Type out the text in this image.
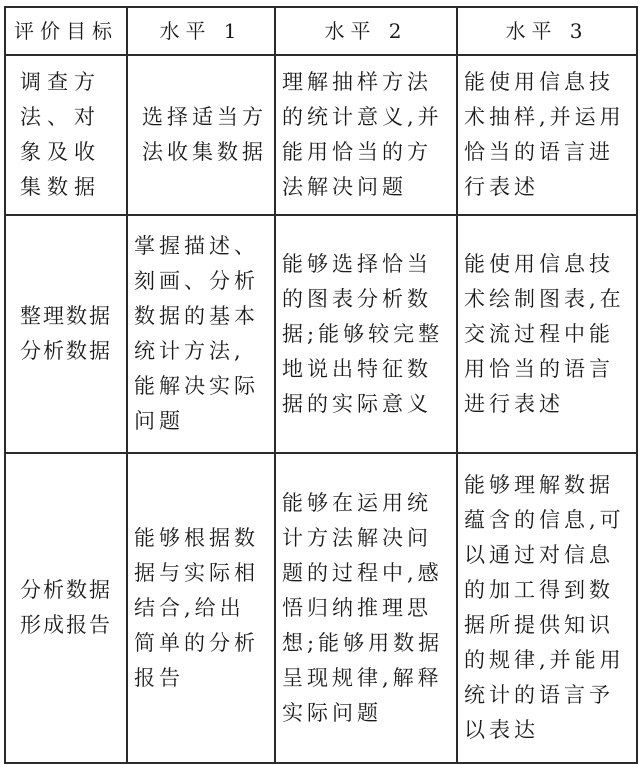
评价目标	水平 1	水平 2	水平 3
调查方法、对象及收集数据	选择适当方法收集数据	理解抽样方法的统计意义,并能用恰当的方法解决问题	能使用信息技术抽样,并运用恰当的语言进行表述
整理数据分析数据	掌握描述、刻画、分析数据的基本统计方法,能解决实际问题	能够选择恰当的图表分析数据;能够较完整地说出特征数据的实际意义	能使用信息技术绘制图表,在交流过程中能用恰当的语言进行表述
分析数据形成报告	能够根据数据与实际相结合,给出简单的分析报告	能够在运用统计方法解决问题的过程中,感悟归纳推理思想;能够用数据呈现规律,解释实际问题	能够理解数据蕴含的信息,可以通过对信息的加工得到数据所提供知识的规律,并能用统计的语言予以表达
